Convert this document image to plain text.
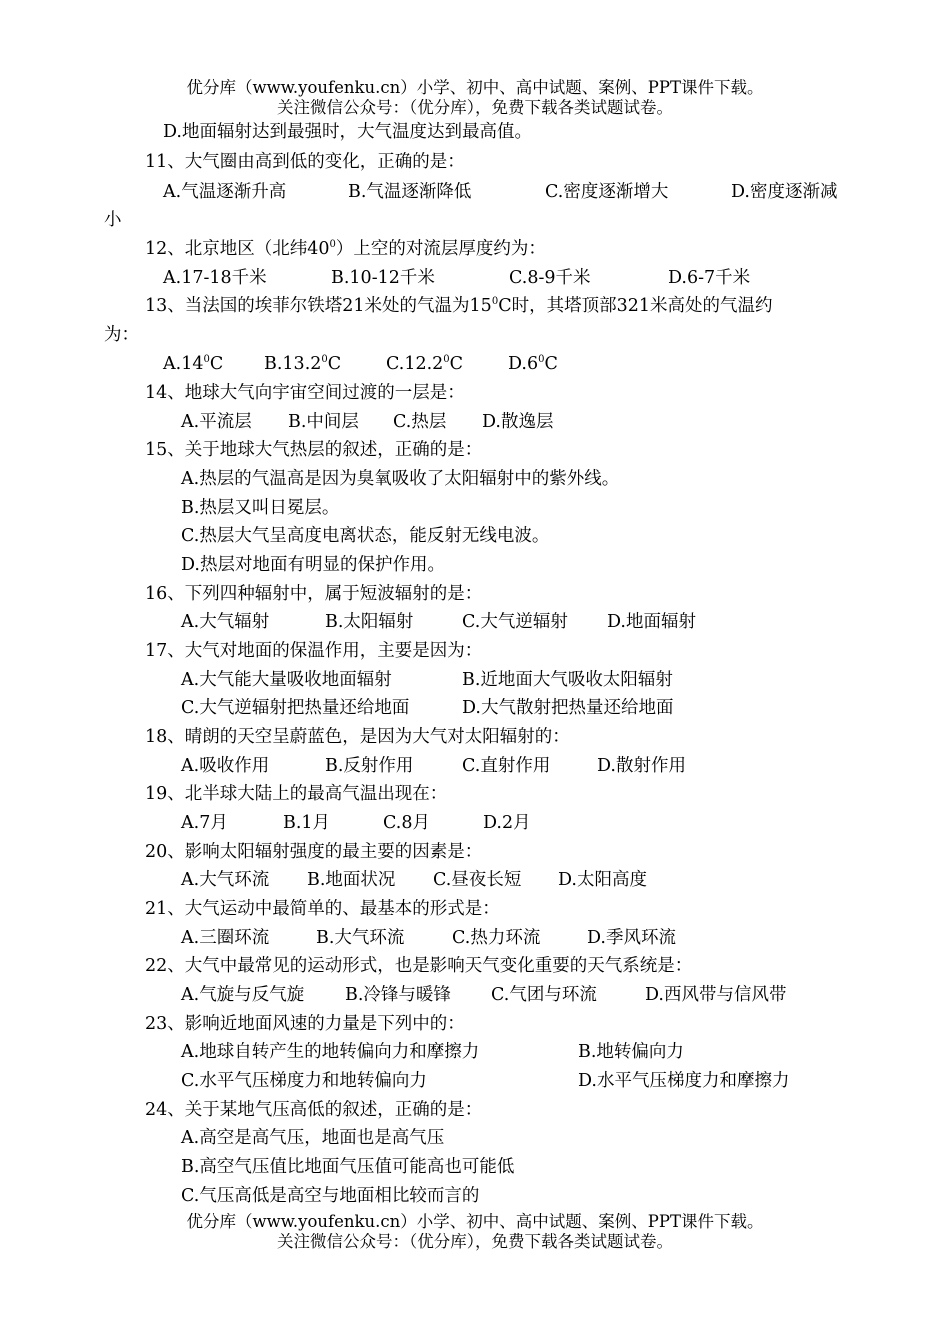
优分库（www.youfenku.cn）小学、初中、高中试题、案例、PPT课件下载。
关注微信公众号：（优分库），免费下载各类试题试卷。
D.地面辐射达到最强时，大气温度达到最高值。
11、大气圈由高到低的变化，正确的是：
A.气温逐渐升高	B.气温逐渐降低	C.密度逐渐增大	D.密度逐渐减
小
12、北京地区（北纬$40^0$）上空的对流层厚度约为：
A.17-18千米	B.10-12千米	C.8-9千米	D.6-7千米
13、当法国的埃菲尔铁塔21米处的气温为$15^0C$时，其塔顶部321米高处的气温约
为：
$A.14^0C$ B.13.2$^0$C	C.12.2$^0$C	$D.6^0C$
14、地球大气向宇宙空间过渡的一层是：
A.平流层 B.中间层 C.热层 D.散逸层
15、关于地球大气热层的叙述，正确的是：
A.热层的气温高是因为臭氧吸收了太阳辐射中的紫外线。
B.热层又叫日冕层。
C.热层大气呈高度电离状态，能反射无线电波。
D.热层对地面有明显的保护作用。
16、下列四种辐射中，属于短波辐射的是：
A.大气辐射	B.太阳辐射	C.大气逆辐射 D.地面辐射
17、大气对地面的保温作用，主要是因为：
A.大气能大量吸收地面辐射	B.近地面大气吸收太阳辐射
C.大气逆辐射把热量还给地面	D.大气散射把热量还给地面
18、晴朗的天空呈蔚蓝色，是因为大气对太阳辐射的：
A.吸收作用	B.反射作用	C.直射作用	D.散射作用
19、北半球大陆上的最高气温出现在：
A.7月	B.1月	C.8月	D.2月
20、影响太阳辐射强度的最主要的因素是：
A.大气环流 B.地面状况 C.昼夜长短 D.太阳高度
21、大气运动中最简单的、最基本的形式是：
A.三圈环流	B.大气环流	C.热力环流	D.季风环流
22、大气中最常见的运动形式，也是影响天气变化重要的天气系统是：
A.气旋与反气旋 B.冷锋与暖锋 C.气团与环流	D.西风带与信风带
23、影响近地面风速的力量是下列中的：
A.地球自转产生的地转偏向力和摩擦力	B.地转偏向力
C.水平气压梯度力和地转偏向力	D.水平气压梯度力和摩擦力
24、关于某地气压高低的叙述，正确的是：
A.高空是高气压，地面也是高气压
B.高空气压值比地面气压值可能高也可能低
C.气压高低是高空与地面相比较而言的
优分库（www.youfenku.cn）小学、初中、高中试题、案例、PPT课件下载。
关注微信公众号：（优分库），免费下载各类试题试卷。
